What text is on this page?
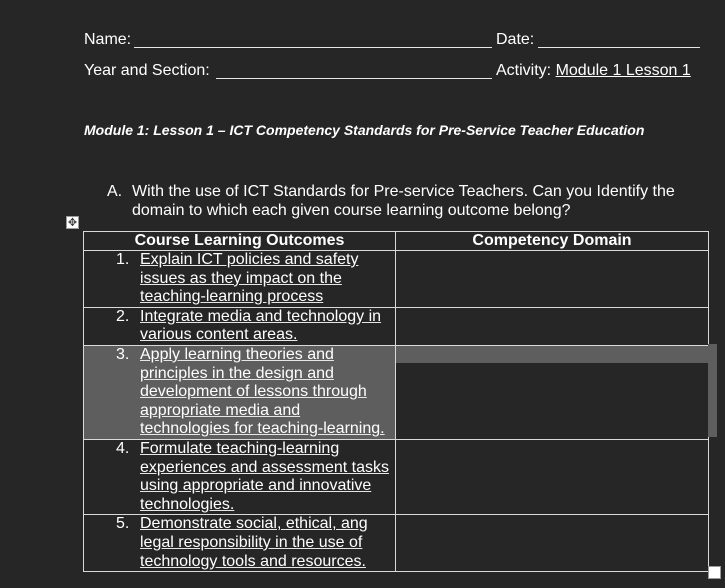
Name:	Date:
Year and Section:	Activity: Module 1 Lesson 1
Module 1: Lesson 1 – ICT Competency Standards for Pre-Service Teacher Education
A. With the use of ICT Standards for Pre-service Teachers. Can you Identify the domain to which each given course learning outcome belong?
✥
Course Learning Outcomes	Competency Domain

1. Explain ICT policies and safety issues as they impact on the teaching-learning process	

2. Integrate media and technology in various content areas.	

3. Apply learning theories and principles in the design and development of lessons through appropriate media and technologies for teaching-learning.	

4. Formulate teaching-learning experiences and assessment tasks using appropriate and innovative technologies.	

5. Demonstrate social, ethical, ang legal responsibility in the use of technology tools and resources.	
